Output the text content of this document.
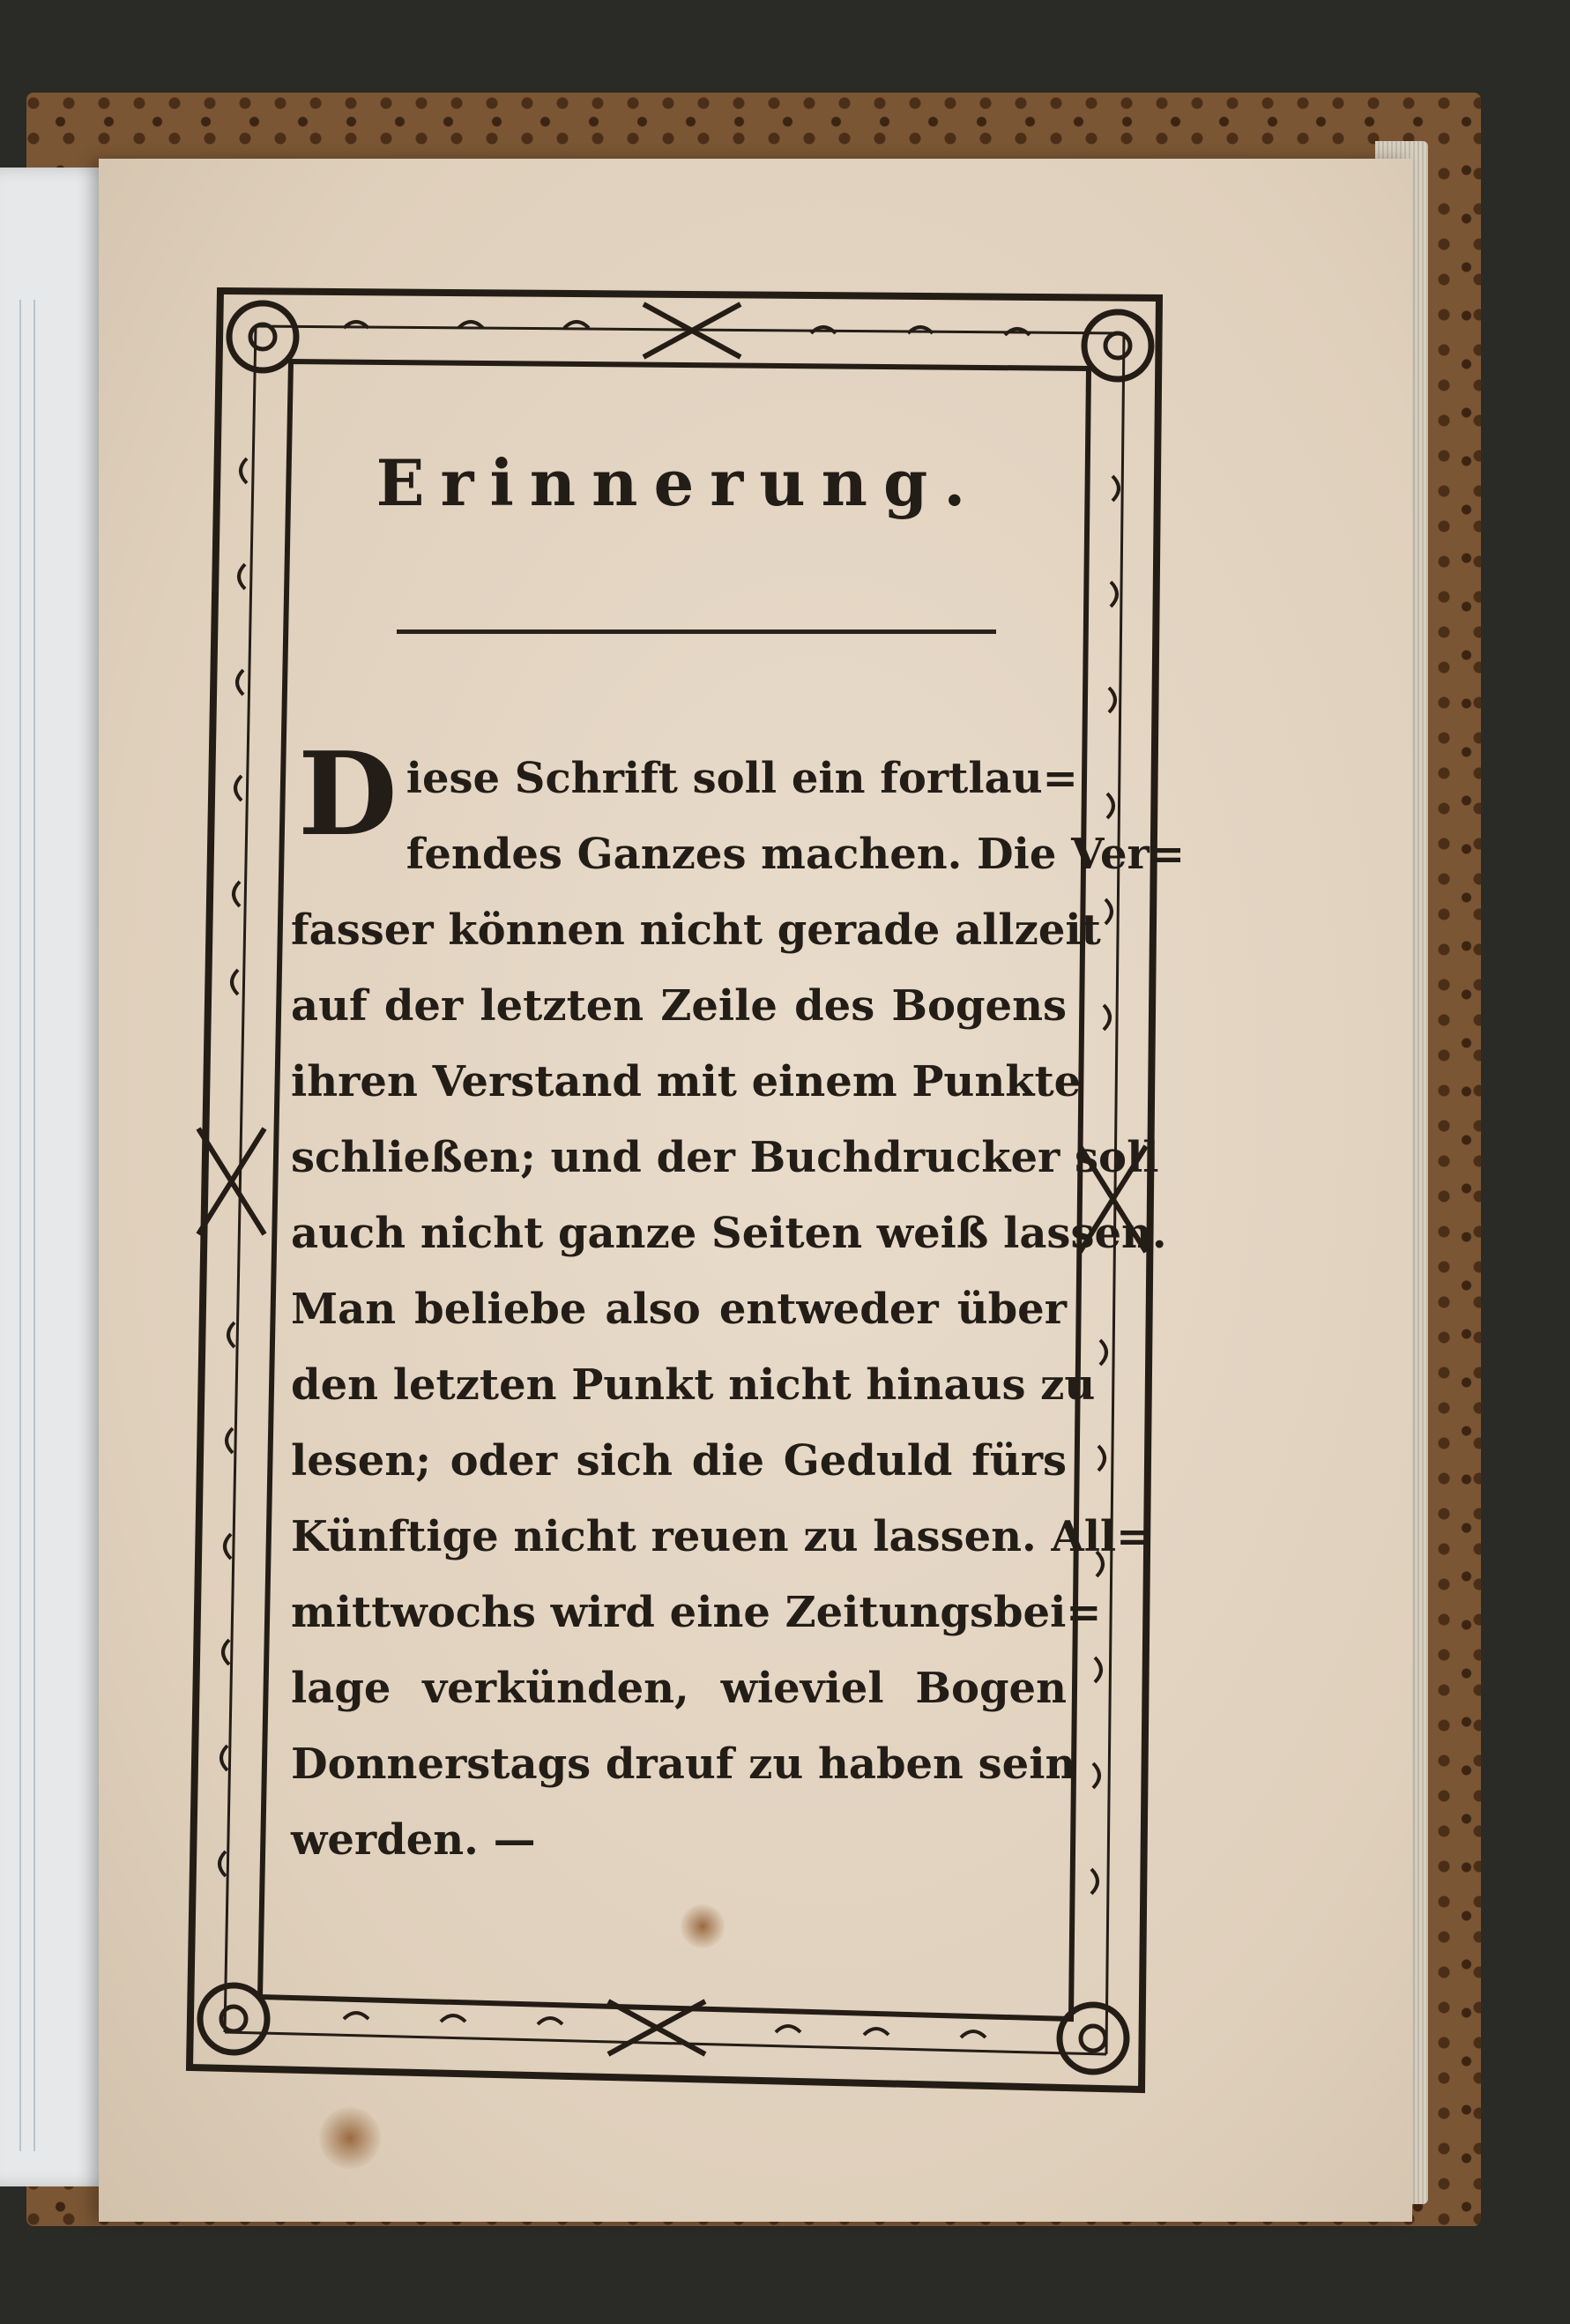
Erinnerung.
D iese Schrift soll ein fortlau=
fendes Ganzes machen. Die Ver=
fasser können nicht gerade allzeit
auf der letzten Zeile des Bogens
ihren Verstand mit einem Punkte
schließen; und der Buchdrucker soll
auch nicht ganze Seiten weiß lassen.
Man beliebe also entweder über
den letzten Punkt nicht hinaus zu
lesen; oder sich die Geduld fürs
Künftige nicht reuen zu lassen. All=
mittwochs wird eine Zeitungsbei=
lage verkünden, wieviel Bogen
Donnerstags drauf zu haben sein
werden. —
